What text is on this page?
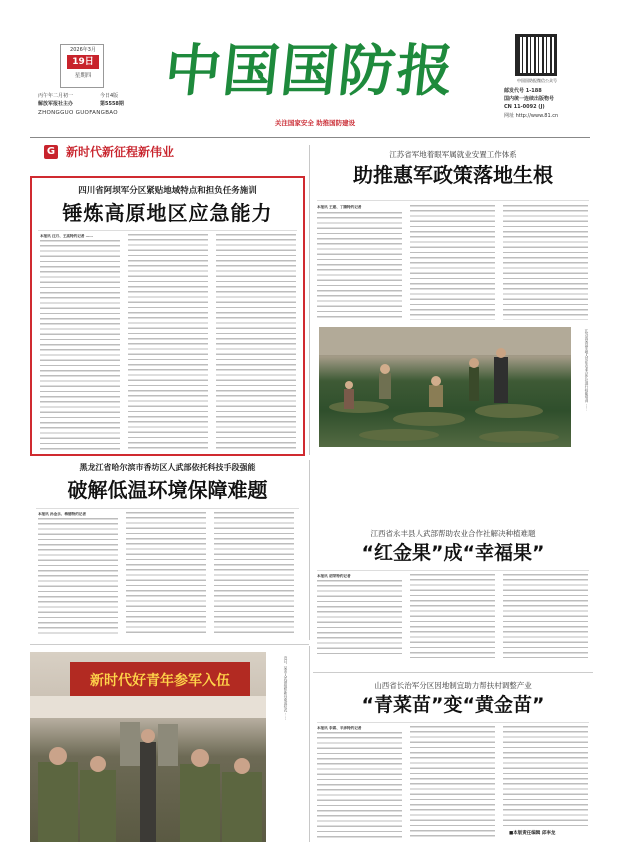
2026年3月
19日
星期四
丙午年二月初一	今日4版
解放军报社主办	第5558期
ZHONGGUO GUOFANGBAO
中国国防报
关注国家安全 助推国防建设
中国国防报微信公众号
邮发代号 1-188
国内统一连续出版物号
CN 11-0092 (J)
网址 http://www.81.cn
G 新时代新征程新伟业
四川省阿坝军分区紧贴地域特点和担负任务施训
锤炼高原地区应急能力
本报讯 汪月、王高特约记者 ……
江苏省军地着眼军属就业安置工作体系
助推惠军政策落地生根
本报讯 王建、丁腾特约记者
江苏省某县军地人员在农业合作社进行技能培训 ……
黑龙江省哈尔滨市香坊区人武部依托科技手段强能
破解低温环境保障难题
本报讯 孙金乐、梅德特约记者
江西省永丰县人武部帮助农业合作社解决种植难题
“红金果”成“幸福果”
本报讯 胡荣特约记者
新时代好青年参军入伍	近日，某市人武部组织新兵欢送仪式 ……	山西省长治军分区因地制宜助力帮扶村调整产业
“青菜苗”变“黄金苗”
本报讯 李霖、辛彦特约记者
■本版责任编辑 邱李龙
